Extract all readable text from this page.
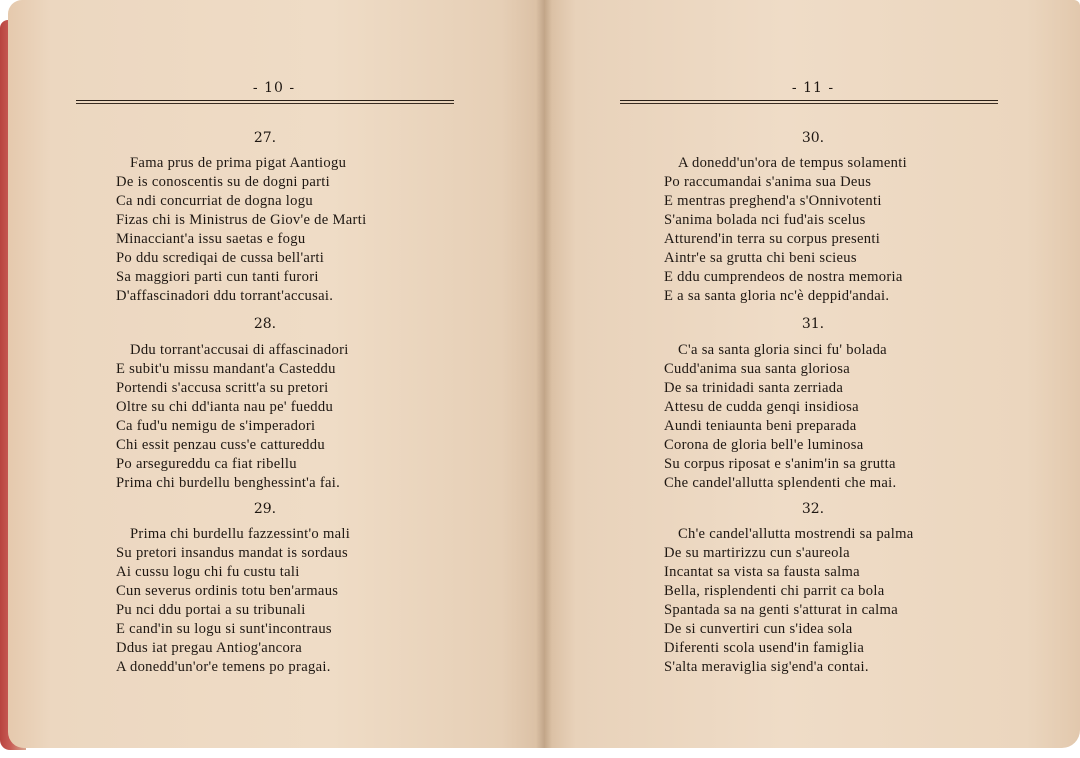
- 10 -
27.
Fama prus de prima pigat Aantiogu
De is conoscentis su de dogni parti
Ca ndi concurriat de dogna logu
Fizas chi is Ministrus de Giov'e de Marti
Minacciant'a issu saetas e fogu
Po ddu scrediqai de cussa bell'arti
Sa maggiori parti cun tanti furori
D'affascinadori ddu torrant'accusai.
28.
Ddu torrant'accusai di affascinadori
E subit'u missu mandant'a Casteddu
Portendi s'accusa scritt'a su pretori
Oltre su chi dd'ianta nau pe' fueddu
Ca fud'u nemigu de s'imperadori
Chi essit penzau cuss'e cattureddu
Po arsegureddu ca fiat ribellu
Prima chi burdellu benghessint'a fai.
29.
Prima chi burdellu fazzessint'o mali
Su pretori insandus mandat is sordaus
Ai cussu logu chi fu custu tali
Cun severus ordinis totu ben'armaus
Pu nci ddu portai a su tribunali
E cand'in su logu si sunt'incontraus
Ddus iat pregau Antiog'ancora
A donedd'un'or'e temens po pragai.
- 11 -
30.
A donedd'un'ora de tempus solamenti
Po raccumandai s'anima sua Deus
E mentras preghend'a s'Onnivotenti
S'anima bolada nci fud'ais scelus
Atturend'in terra su corpus presenti
Aintr'e sa grutta chi beni scieus
E ddu cumprendeos de nostra memoria
E a sa santa gloria nc'è deppid'andai.
31.
C'a sa santa gloria sinci fu' bolada
Cudd'anima sua santa gloriosa
De sa trinidadi santa zerriada
Attesu de cudda genqi insidiosa
Aundi teniaunta beni preparada
Corona de gloria bell'e luminosa
Su corpus riposat e s'anim'in sa grutta
Che candel'allutta splendenti che mai.
32.
Ch'e candel'allutta mostrendi sa palma
De su martirizzu cun s'aureola
Incantat sa vista sa fausta salma
Bella, risplendenti chi parrit ca bola
Spantada sa na genti s'atturat in calma
De si cunvertiri cun s'idea sola
Diferenti scola usend'in famiglia
S'alta meraviglia sig'end'a contai.
